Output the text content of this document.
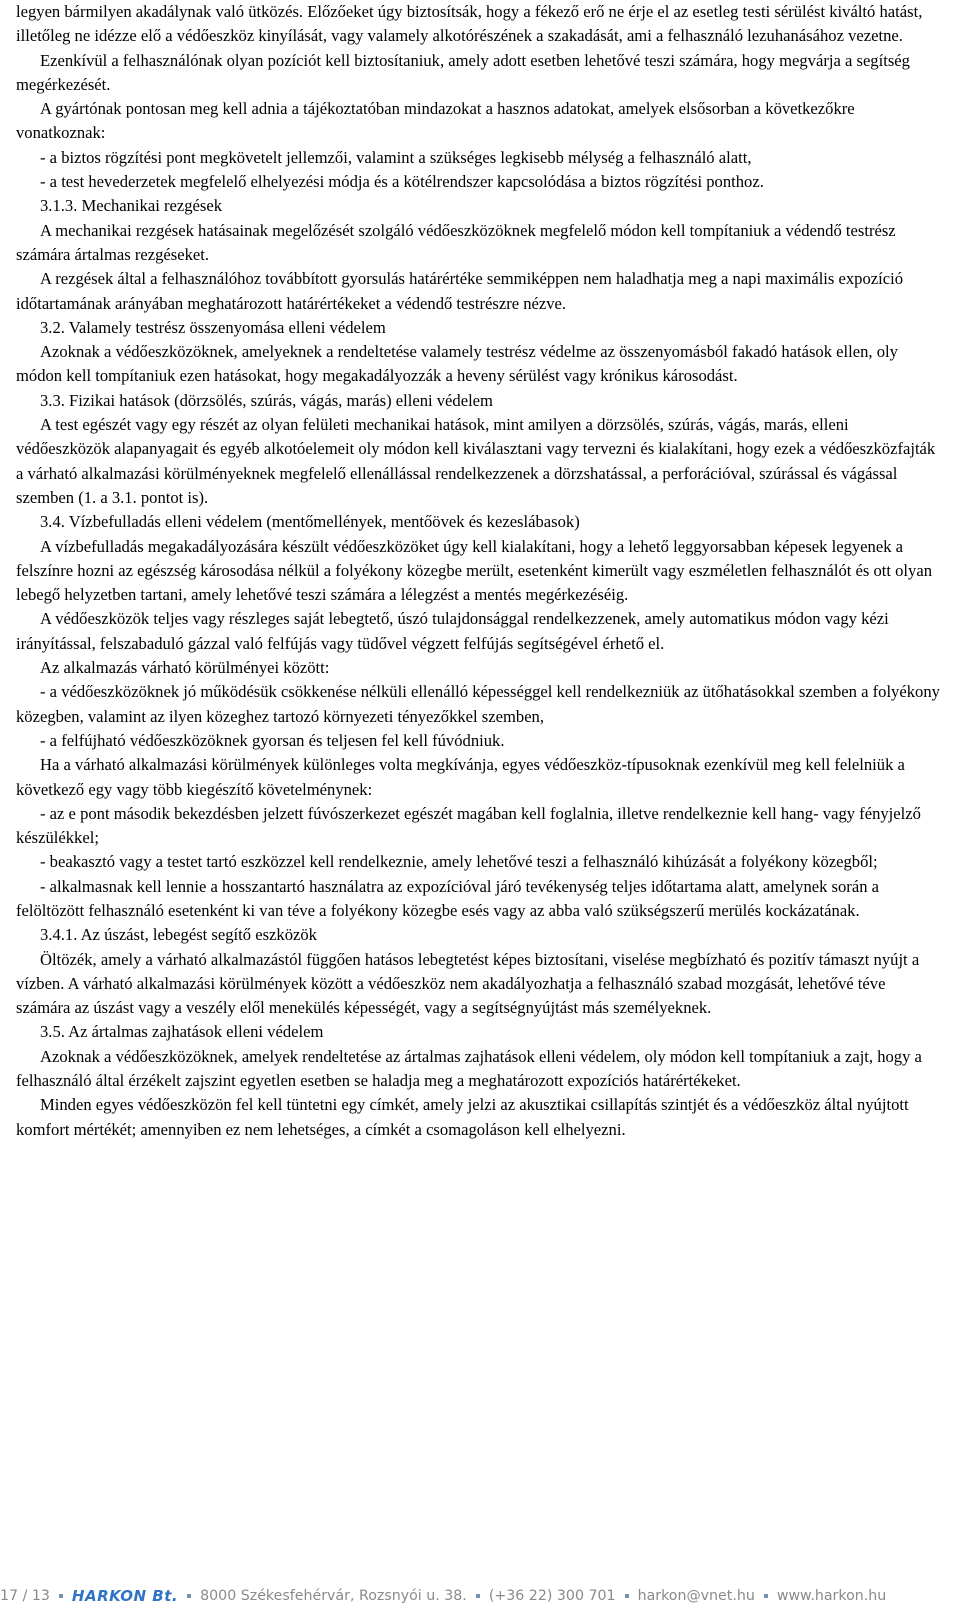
legyen bármilyen akadálynak való ütközés. Előzőeket úgy biztosítsák, hogy a fékező erő ne érje el az esetleg testi sérülést kiváltó hatást, illetőleg ne idézze elő a védőeszköz kinyílását, vagy valamely alkotórészének a szakadását, ami a felhasználó lezuhanásához vezetne.

Ezenkívül a felhasználónak olyan pozíciót kell biztosítaniuk, amely adott esetben lehetővé teszi számára, hogy megvárja a segítség megérkezését.

A gyártónak pontosan meg kell adnia a tájékoztatóban mindazokat a hasznos adatokat, amelyek elsősorban a következőkre vonatkoznak:

- a biztos rögzítési pont megkövetelt jellemzői, valamint a szükséges legkisebb mélység a felhasználó alatt,

- a test hevederzetek megfelelő elhelyezési módja és a kötélrendszer kapcsolódása a biztos rögzítési ponthoz.

3.1.3. Mechanikai rezgések

A mechanikai rezgések hatásainak megelőzését szolgáló védőeszközöknek megfelelő módon kell tompítaniuk a védendő testrész számára ártalmas rezgéseket.

A rezgések által a felhasználóhoz továbbított gyorsulás határértéke semmiképpen nem haladhatja meg a napi maximális expozíció időtartamának arányában meghatározott határértékeket a védendő testrészre nézve.

3.2. Valamely testrész összenyomása elleni védelem

Azoknak a védőeszközöknek, amelyeknek a rendeltetése valamely testrész védelme az összenyomásból fakadó hatások ellen, oly módon kell tompítaniuk ezen hatásokat, hogy megakadályozzák a heveny sérülést vagy krónikus károsodást.

3.3. Fizikai hatások (dörzsölés, szúrás, vágás, marás) elleni védelem

A test egészét vagy egy részét az olyan felületi mechanikai hatások, mint amilyen a dörzsölés, szúrás, vágás, marás, elleni védőeszközök alapanyagait és egyéb alkotóelemeit oly módon kell kiválasztani vagy tervezni és kialakítani, hogy ezek a védőeszközfajták a várható alkalmazási körülményeknek megfelelő ellenállással rendelkezzenek a dörzshatással, a perforációval, szúrással és vágással szemben (1. a 3.1. pontot is).

3.4. Vízbefulladás elleni védelem (mentőmellények, mentőövek és kezeslábasok)

A vízbefulladás megakadályozására készült védőeszközöket úgy kell kialakítani, hogy a lehető leggyorsabban képesek legyenek a felszínre hozni az egészség károsodása nélkül a folyékony közegbe merült, esetenként kimerült vagy eszméletlen felhasználót és ott olyan lebegő helyzetben tartani, amely lehetővé teszi számára a lélegzést a mentés megérkezéséig.

A védőeszközök teljes vagy részleges saját lebegtető, úszó tulajdonsággal rendelkezzenek, amely automatikus módon vagy kézi irányítással, felszabaduló gázzal való felfújás vagy tüdővel végzett felfújás segítségével érhető el.

Az alkalmazás várható körülményei között:

- a védőeszközöknek jó működésük csökkenése nélküli ellenálló képességgel kell rendelkezniük az ütőhatásokkal szemben a folyékony közegben, valamint az ilyen közeghez tartozó környezeti tényezőkkel szemben,

- a felfújható védőeszközöknek gyorsan és teljesen fel kell fúvódniuk.

Ha a várható alkalmazási körülmények különleges volta megkívánja, egyes védőeszköz-típusoknak ezenkívül meg kell felelniük a következő egy vagy több kiegészítő követelménynek:

- az e pont második bekezdésben jelzett fúvószerkezet egészét magában kell foglalnia, illetve rendelkeznie kell hang- vagy fényjelző készülékkel;

- beakasztó vagy a testet tartó eszközzel kell rendelkeznie, amely lehetővé teszi a felhasználó kihúzását a folyékony közegből;

- alkalmasnak kell lennie a hosszantartó használatra az expozícióval járó tevékenység teljes időtartama alatt, amelynek során a felöltözött felhasználó esetenként ki van téve a folyékony közegbe esés vagy az abba való szükségszerű merülés kockázatának.

3.4.1. Az úszást, lebegést segítő eszközök

Öltözék, amely a várható alkalmazástól függően hatásos lebegtetést képes biztosítani, viselése megbízható és pozitív támaszt nyújt a vízben. A várható alkalmazási körülmények között a védőeszköz nem akadályozhatja a felhasználó szabad mozgását, lehetővé téve számára az úszást vagy a veszély elől menekülés képességét, vagy a segítségnyújtást más személyeknek.

3.5. Az ártalmas zajhatások elleni védelem

Azoknak a védőeszközöknek, amelyek rendeltetése az ártalmas zajhatások elleni védelem, oly módon kell tompítaniuk a zajt, hogy a felhasználó által érzékelt zajszint egyetlen esetben se haladja meg a meghatározott expozíciós határértékeket.

Minden egyes védőeszközön fel kell tüntetni egy címkét, amely jelzi az akusztikai csillapítás szintjét és a védőeszköz által nyújtott komfort mértékét; amennyiben ez nem lehetséges, a címkét a csomagoláson kell elhelyezni.

17 / 13 HARKON Bt. 8000 Székesfehérvár, Rozsnyói u. 38. (+36 22) 300 701 harkon@vnet.hu www.harkon.hu
